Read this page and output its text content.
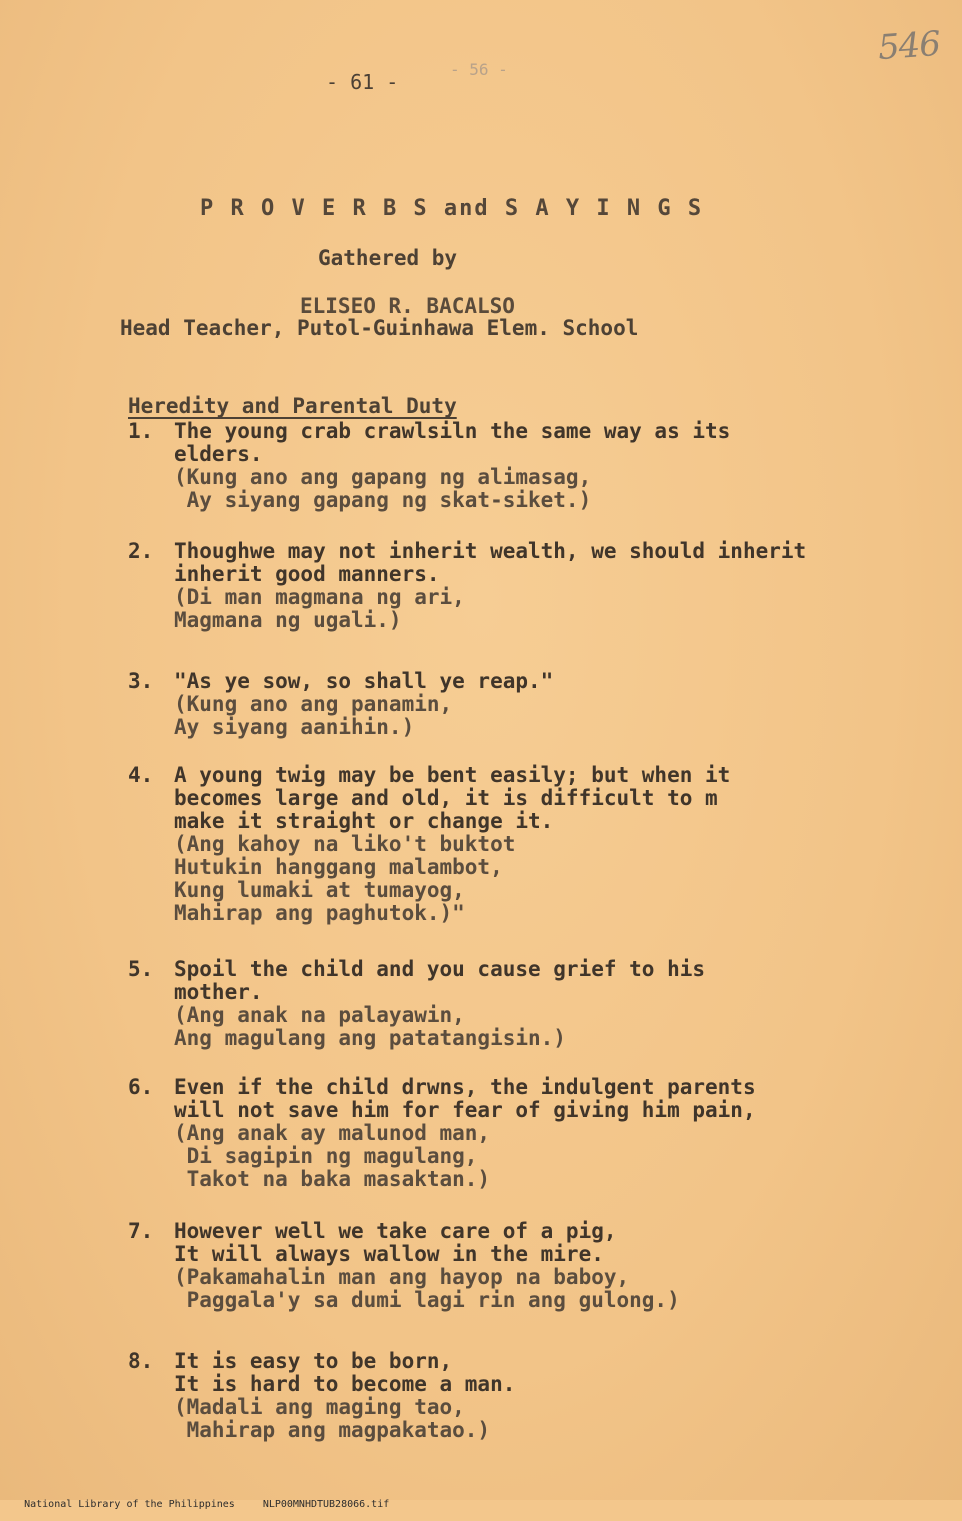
546
- 61 -
- 56 -
P R O V E R B S and S A Y I N G S
Gathered by
ELISEO R. BACALSO
Head Teacher, Putol-Guinhawa Elem. School
Heredity and Parental Duty
1. The young crab crawlsiln the same way as its
elders.
(Kung ano ang gapang ng alimasag,
Ay siyang gapang ng skat-siket.)
2. Thoughwe may not inherit wealth, we should inherit
inherit good manners.
(Di man magmana ng ari,
Magmana ng ugali.)
3. "As ye sow, so shall ye reap."
(Kung ano ang panamin,
Ay siyang aanihin.)
4. A young twig may be bent easily; but when it
becomes large and old, it is difficult to m
make it straight or change it.
(Ang kahoy na liko't buktot
Hutukin hanggang malambot,
Kung lumaki at tumayog,
Mahirap ang paghutok.)"
5. Spoil the child and you cause grief to his
mother.
(Ang anak na palayawin,
Ang magulang ang patatangisin.)
6. Even if the child drwns, the indulgent parents
will not save him for fear of giving him pain,
(Ang anak ay malunod man,
Di sagipin ng magulang,
Takot na baka masaktan.)
7. However well we take care of a pig,
It will always wallow in the mire.
(Pakamahalin man ang hayop na baboy,
Paggala'y sa dumi lagi rin ang gulong.)
8. It is easy to be born,
It is hard to become a man.
(Madali ang maging tao,
Mahirap ang magpakatao.)

National Library of the Philippines	NLP00MNHDTUB28066.tif
